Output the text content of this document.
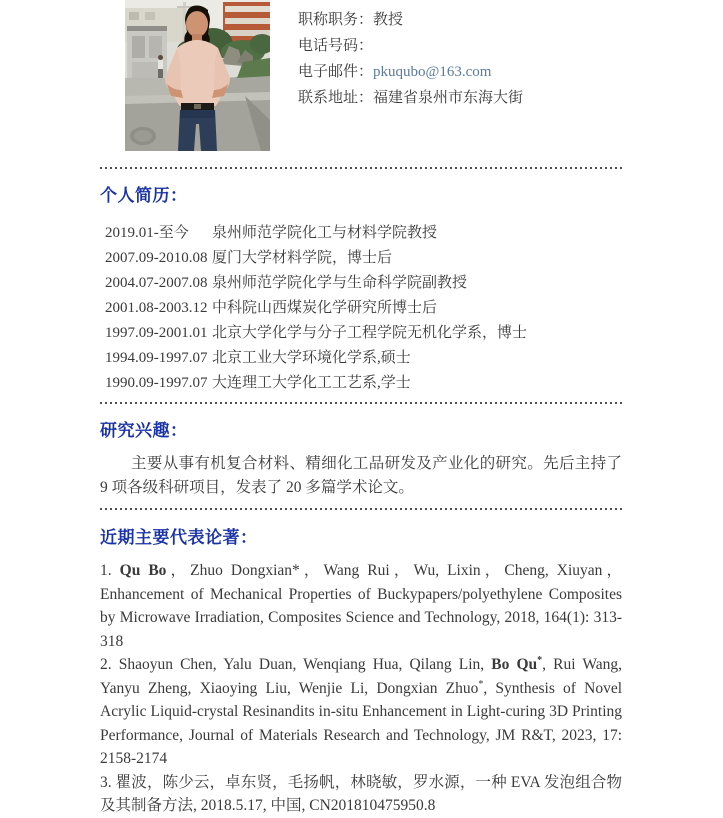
职称职务：教授
电话号码：
电子邮件：pkuqubo@163.com
联系地址：福建省泉州市东海大街
个人简历：
2019.01-至今	泉州师范学院化工与材料学院教授
2007.09-2010.08 厦门大学材料学院，博士后
2004.07-2007.08 泉州师范学院化学与生命科学院副教授
2001.08-2003.12 中科院山西煤炭化学研究所博士后
1997.09-2001.01 北京大学化学与分子工程学院无机化学系，博士
1994.09-1997.07 北京工业大学环境化学系,硕士
1990.09-1997.07 大连理工大学化工工艺系,学士
研究兴趣：

主要从事有机复合材料、精细化工品研发及产业化的研究。先后主持了 9 项各级科研项目，发表了 20 多篇学术论文。

近期主要代表论著：

1. Qu Bo，Zhuo Dongxian*，Wang Rui，Wu, Lixin，Cheng, Xiuyan，Enhancement of Mechanical Properties of Buckypapers/polyethylene Composites by Microwave Irradiation, Composites Science and Technology, 2018, 164(1): 313-318

2. Shaoyun Chen, Yalu Duan, Wenqiang Hua, Qilang Lin, Bo Qu*, Rui Wang, Yanyu Zheng, Xiaoying Liu, Wenjie Li, Dongxian Zhuo*, Synthesis of Novel Acrylic Liquid-crystal Resinandits in-situ Enhancement in Light-curing 3D Printing Performance, Journal of Materials Research and Technology, JM R&T, 2023, 17: 2158-2174

3. 瞿波，陈少云，卓东贤，毛扬帆，林晓敏，罗水源，一种 EVA 发泡组合物及其制备方法, 2018.5.17, 中国, CN201810475950.8
